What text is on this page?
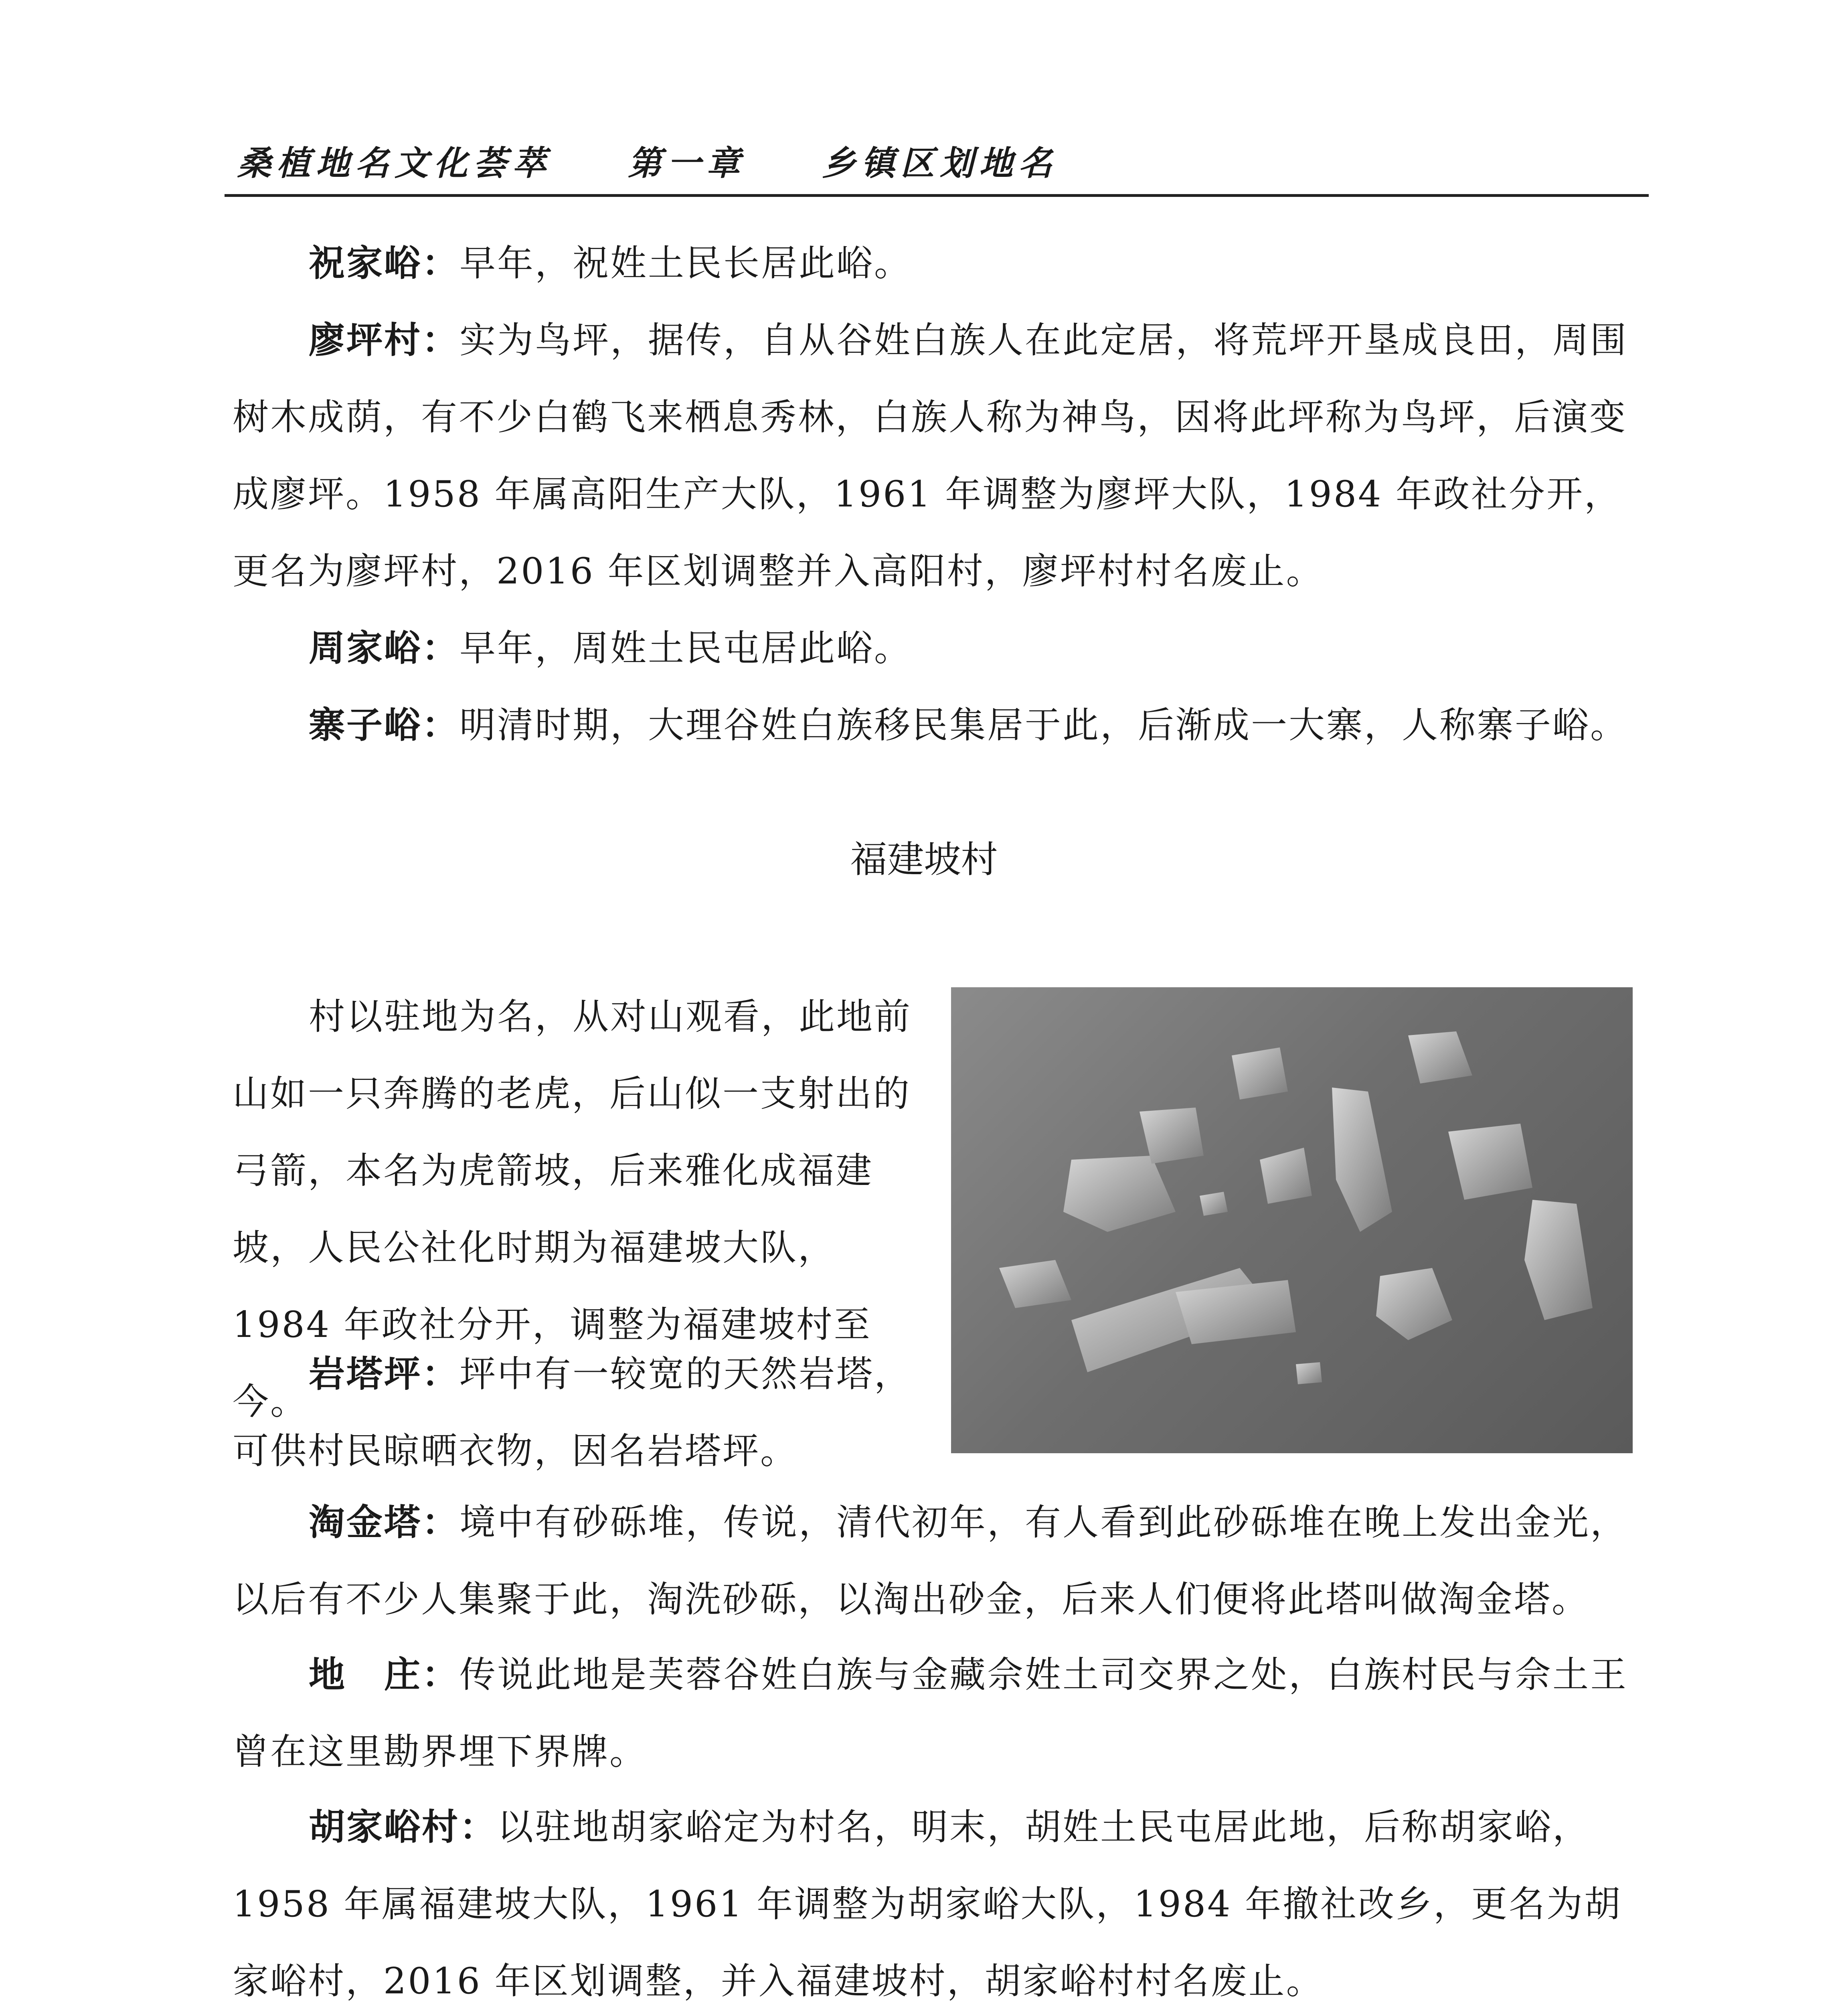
桑植地名文化荟萃 第一章 乡镇区划地名

祝家峪：早年，祝姓土民长居此峪。

廖坪村：实为鸟坪，据传，自从谷姓白族人在此定居，将荒坪开垦成良田，周围树木成荫，有不少白鹤飞来栖息秀林，白族人称为神鸟，因将此坪称为鸟坪，后演变成廖坪。1958 年属高阳生产大队，1961 年调整为廖坪大队，1984 年政社分开，更名为廖坪村，2016 年区划调整并入高阳村，廖坪村村名废止。

周家峪：早年，周姓土民屯居此峪。

寨子峪：明清时期，大理谷姓白族移民集居于此，后渐成一大寨，人称寨子峪。

福建坡村

村以驻地为名，从对山观看，此地前山如一只奔腾的老虎，后山似一支射出的弓箭，本名为虎箭坡，后来雅化成福建坡，人民公社化时期为福建坡大队，1984 年政社分开，调整为福建坡村至今。

岩塔坪：坪中有一较宽的天然岩塔，可供村民晾晒衣物，因名岩塔坪。

淘金塔：境中有砂砾堆，传说，清代初年，有人看到此砂砾堆在晚上发出金光，以后有不少人集聚于此，淘洗砂砾，以淘出砂金，后来人们便将此塔叫做淘金塔。

地　庄：传说此地是芙蓉谷姓白族与金藏佘姓土司交界之处，白族村民与佘土王曾在这里勘界埋下界牌。

胡家峪村：以驻地胡家峪定为村名，明末，胡姓土民屯居此地，后称胡家峪，1958 年属福建坡大队，1961 年调整为胡家峪大队，1984 年撤社改乡，更名为胡家峪村，2016 年区划调整，并入福建坡村，胡家峪村村名废止。
